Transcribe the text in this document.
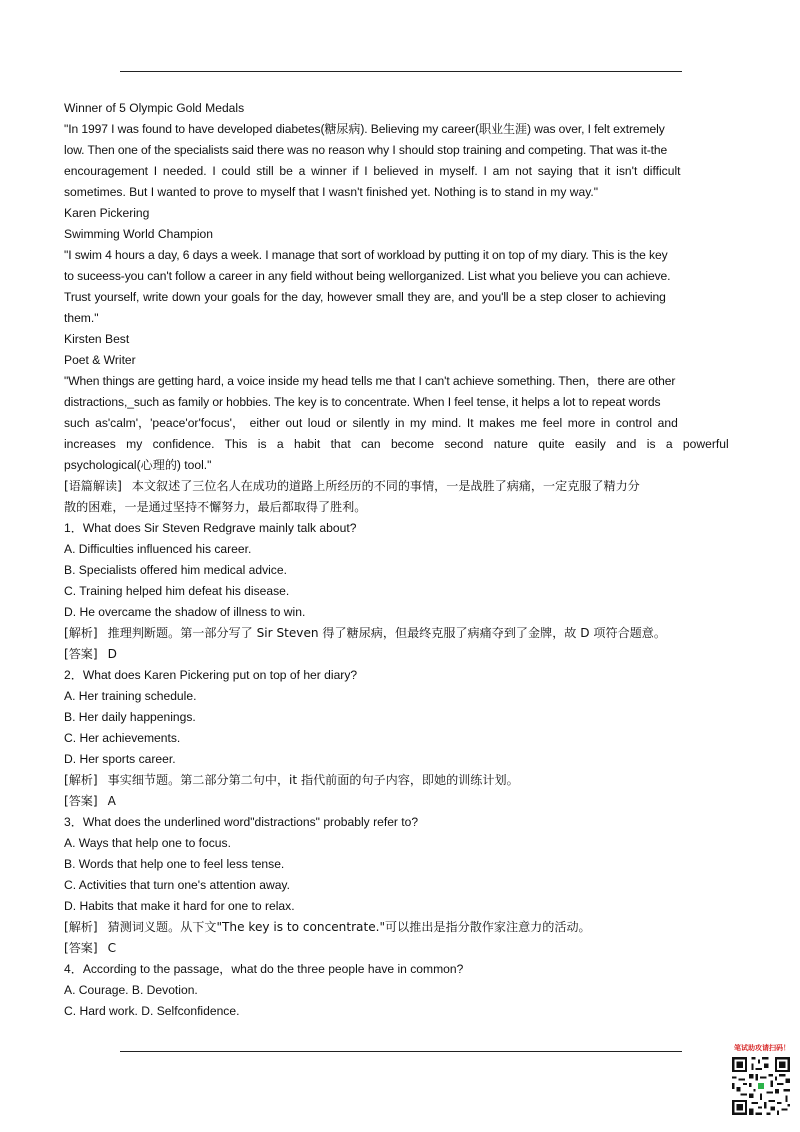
Winner of 5 Olympic Gold Medals
"In 1997 I was found to have developed diabetes(糖尿病). Believing my career(职业生涯) was over, I felt extremely
low. Then one of the specialists said there was no reason why I should stop training and competing. That was it-the
encouragement I needed. I could still be a winner if I believed in myself. I am not saying that it isn't difficult
sometimes. But I wanted to prove to myself that I wasn't finished yet. Nothing is to stand in my way."
Karen Pickering
Swimming World Champion
"I swim 4 hours a day, 6 days a week. I manage that sort of workload by putting it on top of my diary. This is the key
to suceess-you can't follow a career in any field without being wellorganized. List what you believe you can achieve.
Trust yourself, write down your goals for the day, however small they are, and you'll be a step closer to achieving
them."
Kirsten Best
Poet & Writer
"When things are getting hard, a voice inside my head tells me that I can't achieve something. Then，there are other
distractions,_such as family or hobbies. The key is to concentrate. When I feel tense, it helps a lot to repeat words
such as'calm'，'peace'or'focus'， either out loud or silently in my mind. It makes me feel more in control and
increases my confidence. This is a habit that can become second nature quite easily and is a powerful
psychological(心理的) tool."
[语篇解读] 本文叙述了三位名人在成功的道路上所经历的不同的事情，一是战胜了病痛，一定克服了精力分
散的困难，一是通过坚持不懈努力，最后都取得了胜利。
1．What does Sir Steven Redgrave mainly talk about?
A. Difficulties influenced his career.
B. Specialists offered him medical advice.
C. Training helped him defeat his disease.
D. He overcame the shadow of illness to win.
[解析] 推理判断题。第一部分写了 Sir Steven 得了糖尿病，但最终克服了病痛夺到了金牌，故 D 项符合题意。
[答案] D
2．What does Karen Pickering put on top of her diary?
A. Her training schedule.
B. Her daily happenings.
C. Her achievements.
D. Her sports career.
[解析] 事实细节题。第二部分第二句中，it 指代前面的句子内容，即她的训练计划。
[答案] A
3．What does the underlined word"distractions" probably refer to?
A. Ways that help one to focus.
B. Words that help one to feel less tense.
C. Activities that turn one's attention away.
D. Habits that make it hard for one to relax.
[解析] 猜测词义题。从下文"The key is to concentrate."可以推出是指分散作家注意力的活动。
[答案] C
4．According to the passage，what do the three people have in common?
A. Courage. B. Devotion.
C. Hard work. D. Selfconfidence.
笔试助攻请扫码！
